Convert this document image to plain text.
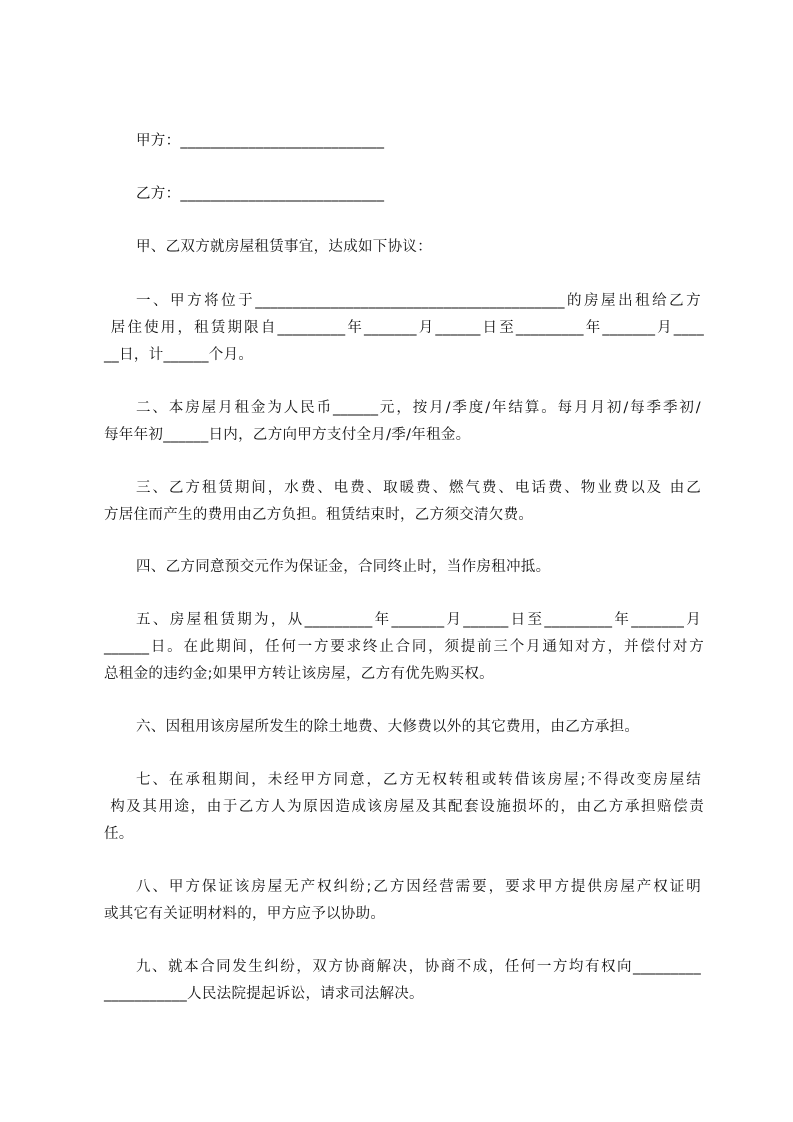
甲方：___________________________
乙方：___________________________
甲、乙双方就房屋租赁事宜，达成如下协议：
一、甲方将位于_________________________________________的房屋出租给乙方
居住使用，租赁期限自_________年_______月______日至_________年_______月____
__日，计______个月。
二、本房屋月租金为人民币______元，按月/季度/年结算。每月月初/每季季初/
每年年初______日内，乙方向甲方支付全月/季/年租金。
三、乙方租赁期间，水费、电费、取暖费、燃气费、电话费、物业费以及 由乙
方居住而产生的费用由乙方负担。租赁结束时，乙方须交清欠费。
四、乙方同意预交元作为保证金，合同终止时，当作房租冲抵。
五、房屋租赁期为，从_________年_______月______日至_________年_______月
______日。在此期间，任何一方要求终止合同，须提前三个月通知对方，并偿付对方
总租金的违约金;如果甲方转让该房屋，乙方有优先购买权。
六、因租用该房屋所发生的除土地费、大修费以外的其它费用，由乙方承担。
七、在承租期间，未经甲方同意，乙方无权转租或转借该房屋;不得改变房屋结
构及其用途，由于乙方人为原因造成该房屋及其配套设施损坏的，由乙方承担赔偿责
任。
八、甲方保证该房屋无产权纠纷;乙方因经营需要，要求甲方提供房屋产权证明
或其它有关证明材料的，甲方应予以协助。
九、就本合同发生纠纷，双方协商解决，协商不成，任何一方均有权向_________
___________人民法院提起诉讼，请求司法解决。
